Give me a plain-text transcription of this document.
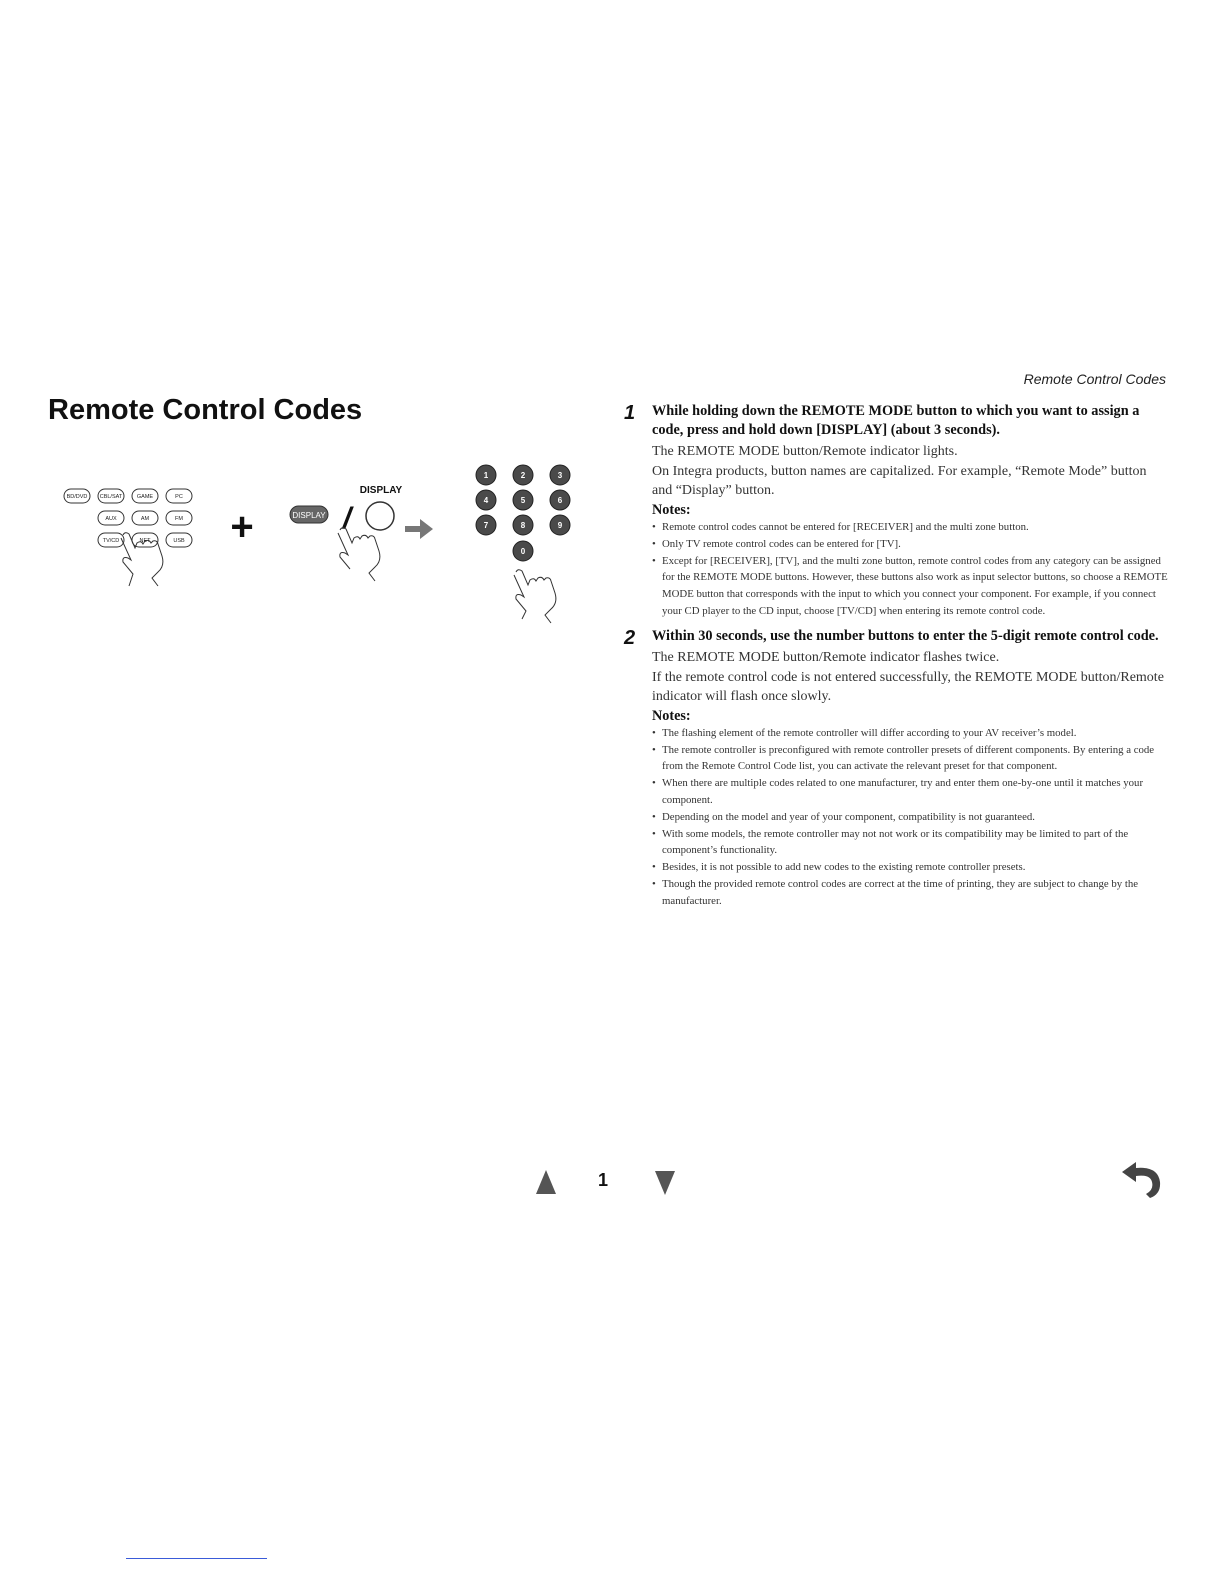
Remote Control Codes
Remote Control Codes
BD/DVD CBL/SAT	GAME	PC
AUX	AM	FM
TV/CD	NET	USB +
DISPLAY
DISPLAY /
1	2	3
4	5	6
7	8	9
0
1 While holding down the REMOTE MODE button to which you want to assign a code, press and hold down [DISPLAY] (about 3 seconds).

The REMOTE MODE button/Remote indicator lights.

On Integra products, button names are capitalized. For example, “Remote Mode” button and “Display” button.

Notes:

• Remote control codes cannot be entered for [RECEIVER] and the multi zone button.
• Only TV remote control codes can be entered for [TV].
• Except for [RECEIVER], [TV], and the multi zone button, remote control codes from any category can be assigned for the REMOTE MODE buttons. However, these buttons also work as input selector buttons, so choose a REMOTE MODE button that corresponds with the input to which you connect your component. For example, if you connect your CD player to the CD input, choose [TV/CD] when entering its remote control code.
2 Within 30 seconds, use the number buttons to enter the 5-digit remote control code.

The REMOTE MODE button/Remote indicator flashes twice.

If the remote control code is not entered successfully, the REMOTE MODE button/Remote indicator will flash once slowly.

Notes:

• The flashing element of the remote controller will differ according to your AV receiver’s model.
• The remote controller is preconfigured with remote controller presets of different components. By entering a code from the Remote Control Code list, you can activate the relevant preset for that component.
• When there are multiple codes related to one manufacturer, try and enter them one-by-one until it matches your component.
• Depending on the model and year of your component, compatibility is not guaranteed.
• With some models, the remote controller may not not work or its compatibility may be limited to part of the component’s functionality.
• Besides, it is not possible to add new codes to the existing remote controller presets.
• Though the provided remote control codes are correct at the time of printing, they are subject to change by the manufacturer.
1
